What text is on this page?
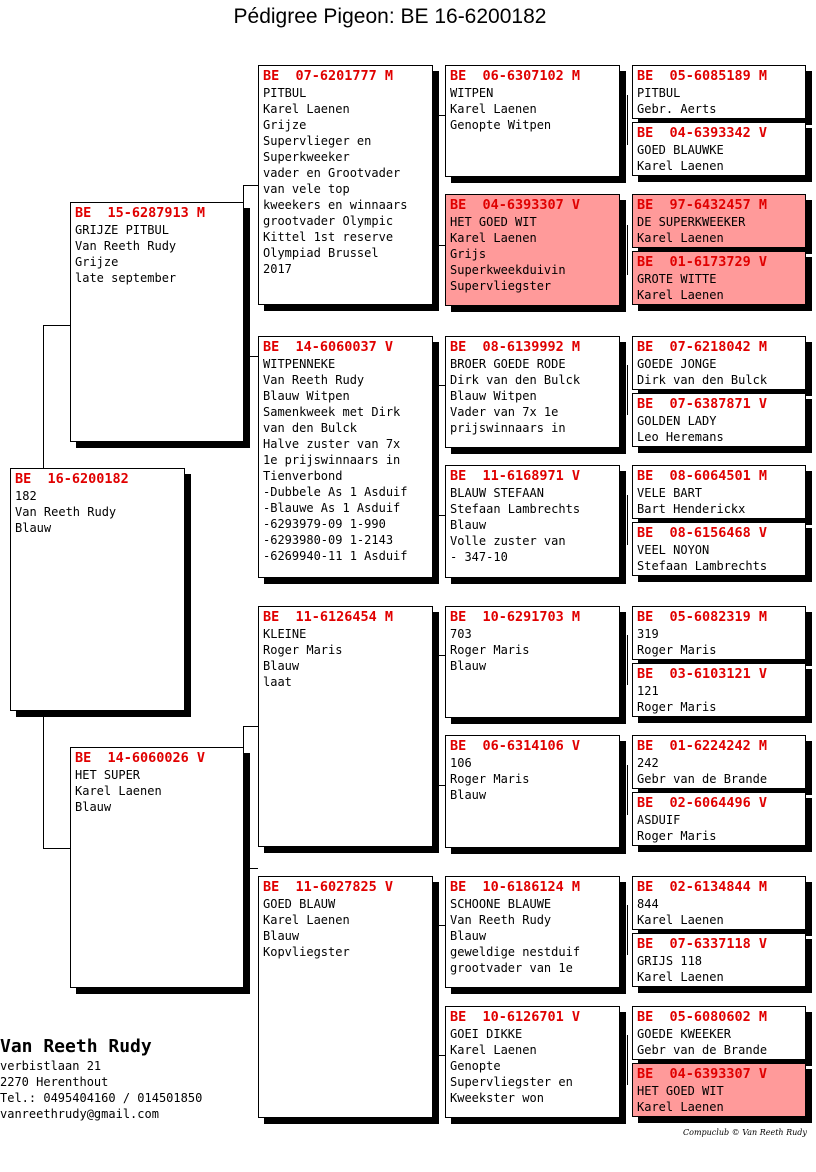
Pédigree Pigeon: BE 16-6200182
BE  16-6200182
182
Van Reeth Rudy
Blauw
BE  15-6287913 M
GRIJZE PITBUL
Van Reeth Rudy
Grijze
late september
BE  14-6060026 V
HET SUPER
Karel Laenen
Blauw
BE  07-6201777 M
PITBUL
Karel Laenen
Grijze
Supervlieger en
Superkweeker
vader en Grootvader
van vele top
kweekers en winnaars
grootvader Olympic
Kittel 1st reserve
Olympiad Brussel
2017
BE  14-6060037 V
WITPENNEKE
Van Reeth Rudy
Blauw Witpen
Samenkweek met Dirk
van den Bulck
Halve zuster van 7x
1e prijswinnaars in
Tienverbond
-Dubbele As 1 Asduif
-Blauwe As 1 Asduif
-6293979-09 1-990
-6293980-09 1-2143
-6269940-11 1 Asduif
BE  11-6126454 M
KLEINE
Roger Maris
Blauw
laat
BE  11-6027825 V
GOED BLAUW
Karel Laenen
Blauw
Kopvliegster
BE  06-6307102 M
WITPEN
Karel Laenen
Genopte Witpen
BE  04-6393307 V
HET GOED WIT
Karel Laenen
Grijs
Superkweekduivin
Supervliegster
BE  08-6139992 M
BROER GOEDE RODE
Dirk van den Bulck
Blauw Witpen
Vader van 7x 1e
prijswinnaars in
BE  11-6168971 V
BLAUW STEFAAN
Stefaan Lambrechts
Blauw
Volle zuster van
- 347-10
BE  10-6291703 M
703
Roger Maris
Blauw
BE  06-6314106 V
106
Roger Maris
Blauw
BE  10-6186124 M
SCHOONE BLAUWE
Van Reeth Rudy
Blauw
geweldige nestduif
grootvader van 1e
BE  10-6126701 V
GOEI DIKKE
Karel Laenen
Genopte
Supervliegster en
Kweekster won
BE  05-6085189 M
PITBUL
Gebr. Aerts
BE  04-6393342 V
GOED BLAUWKE
Karel Laenen
BE  97-6432457 M
DE SUPERKWEEKER
Karel Laenen
BE  01-6173729 V
GROTE WITTE
Karel Laenen
BE  07-6218042 M
GOEDE JONGE
Dirk van den Bulck
BE  07-6387871 V
GOLDEN LADY
Leo Heremans
BE  08-6064501 M
VELE BART
Bart Henderickx
BE  08-6156468 V
VEEL NOYON
Stefaan Lambrechts
BE  05-6082319 M
319
Roger Maris
BE  03-6103121 V
121
Roger Maris
BE  01-6224242 M
242
Gebr van de Brande
BE  02-6064496 V
ASDUIF
Roger Maris
BE  02-6134844 M
844
Karel Laenen
BE  07-6337118 V
GRIJS 118
Karel Laenen
BE  05-6080602 M
GOEDE KWEEKER
Gebr van de Brande
BE  04-6393307 V
HET GOED WIT
Karel Laenen
Van Reeth Rudy
verbistlaan 21
2270 Herenthout
Tel.: 0495404160 / 014501850
vanreethrudy@gmail.com
Compuclub © Van Reeth Rudy
